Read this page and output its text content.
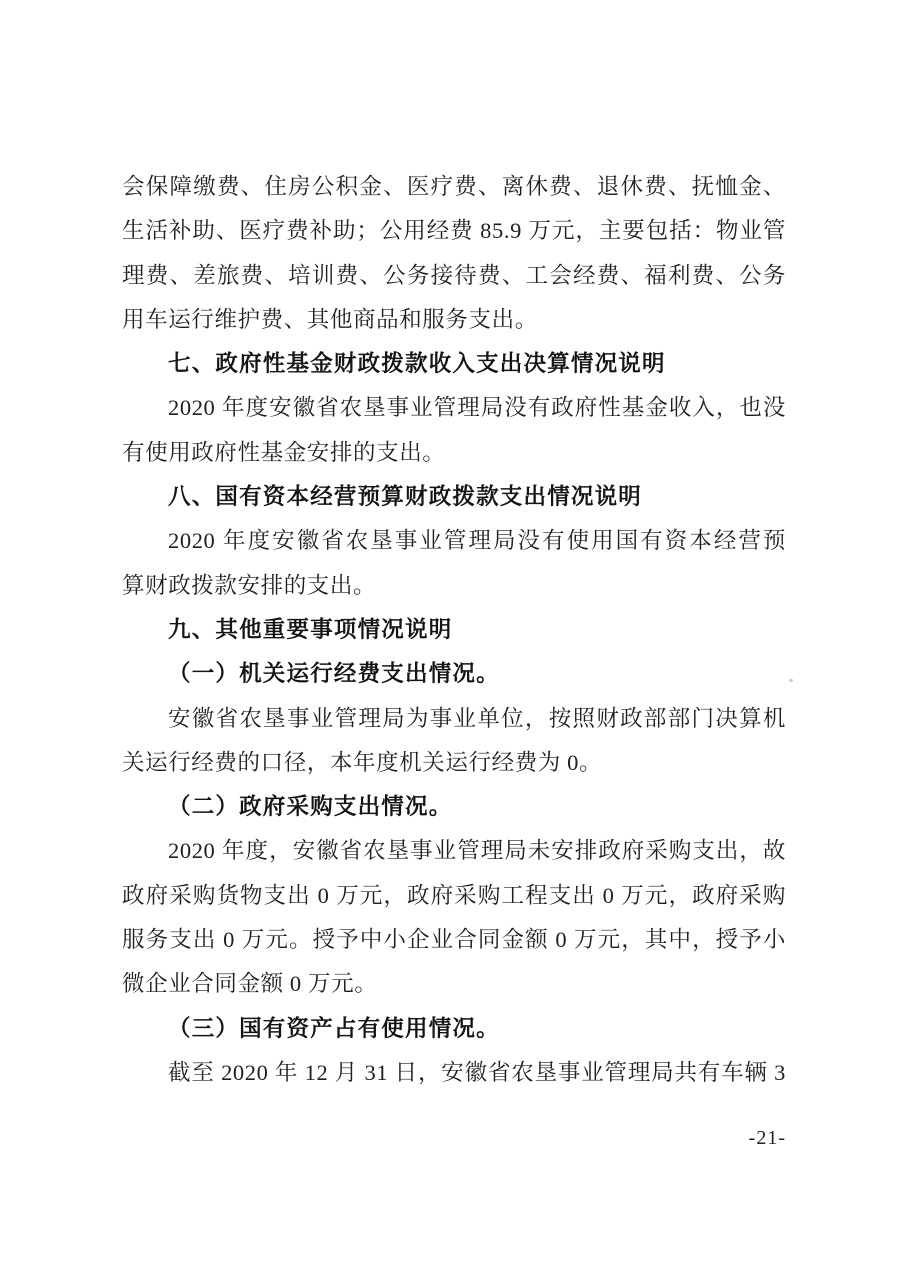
会保障缴费、住房公积金、医疗费、离休费、退休费、抚恤金、
生活补助、医疗费补助；公用经费 85.9 万元，主要包括：物业管
理费、差旅费、培训费、公务接待费、工会经费、福利费、公务
用车运行维护费、其他商品和服务支出。
七、政府性基金财政拨款收入支出决算情况说明
2020 年度安徽省农垦事业管理局没有政府性基金收入，也没
有使用政府性基金安排的支出。
八、国有资本经营预算财政拨款支出情况说明
2020 年度安徽省农垦事业管理局没有使用国有资本经营预
算财政拨款安排的支出。
九、其他重要事项情况说明
（一）机关运行经费支出情况。
安徽省农垦事业管理局为事业单位，按照财政部部门决算机
关运行经费的口径，本年度机关运行经费为 0。
（二）政府采购支出情况。
2020 年度，安徽省农垦事业管理局未安排政府采购支出，故
政府采购货物支出 0 万元，政府采购工程支出 0 万元，政府采购
服务支出 0 万元。授予中小企业合同金额 0 万元，其中，授予小
微企业合同金额 0 万元。
（三）国有资产占有使用情况。
截至 2020 年 12 月 31 日，安徽省农垦事业管理局共有车辆 3
-21-
